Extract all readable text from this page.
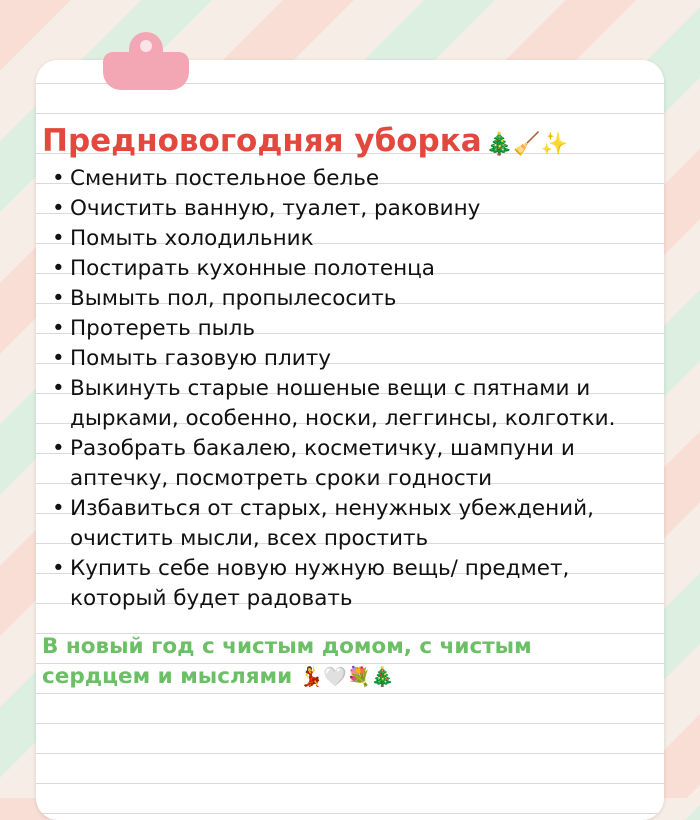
Предновогодняя уборка 🎄🧹✨
• Сменить постельное белье
• Очистить ванную, туалет, раковину
• Помыть холодильник
• Постирать кухонные полотенца
• Вымыть пол, пропылесосить
• Протереть пыль
• Помыть газовую плиту
• Выкинуть старые ношеные вещи с пятнами и дырками, особенно, носки, леггинсы, колготки.
• Разобрать бакалею, косметичку, шампуни и аптечку, посмотреть сроки годности
• Избавиться от старых, ненужных убеждений, очистить мысли, всех простить
• Купить себе новую нужную вещь/ предмет, который будет радовать

В новый год с чистым домом, с чистым сердцем и мыслями 💃🤍💐🎄
